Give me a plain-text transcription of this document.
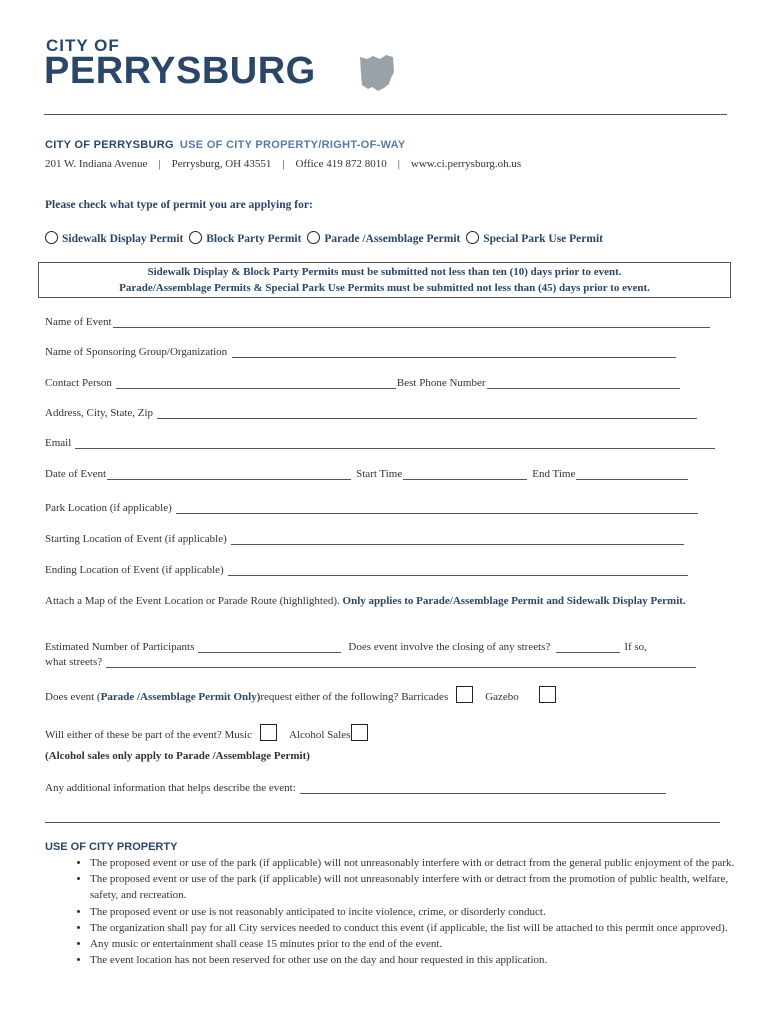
CITY OF
PERRYSBURG
CITY OF PERRYSBURG USE OF CITY PROPERTY/RIGHT-OF-WAY
201 W. Indiana Avenue    |    Perrysburg, OH 43551    |    Office 419 872 8010    |    www.ci.perrysburg.oh.us
Please check what type of permit you are applying for:
Sidewalk Display Permit Block Party Permit Parade /Assemblage Permit Special Park Use Permit
Sidewalk Display & Block Party Permits must be submitted not less than ten (10) days prior to event.
Parade/Assemblage Permits & Special Park Use Permits must be submitted not less than (45) days prior to event.
Name of Event
Name of Sponsoring Group/Organization
Contact Person	Best Phone Number
Address, City, State, Zip
Email
Date of Event	Start Time	End Time
Park Location (if applicable)
Starting Location of Event (if applicable)
Ending Location of Event (if applicable)
Attach a Map of the Event Location or Parade Route (highlighted). Only applies to Parade/Assemblage Permit and Sidewalk Display Permit.
Estimated Number of Participants	Does event involve the closing of any streets?	If so,
what streets?
Does event ( Parade /Assemblage Permit Only) request either of the following? Barricades	Gazebo
Will either of these be part of the event? Music	Alcohol Sales
(Alcohol sales only apply to Parade /Assemblage Permit)
Any additional information that helps describe the event:
USE OF CITY PROPERTY
• The proposed event or use of the park (if applicable) will not unreasonably interfere with or detract from the general public enjoyment of the park.
• The proposed event or use of the park (if applicable) will not unreasonably interfere with or detract from the promotion of public health, welfare, safety, and recreation.
• The proposed event or use is not reasonably anticipated to incite violence, crime, or disorderly conduct.
• The organization shall pay for all City services needed to conduct this event (if applicable, the list will be attached to this permit once approved).
• Any music or entertainment shall cease 15 minutes prior to the end of the event.
• The event location has not been reserved for other use on the day and hour requested in this application.
